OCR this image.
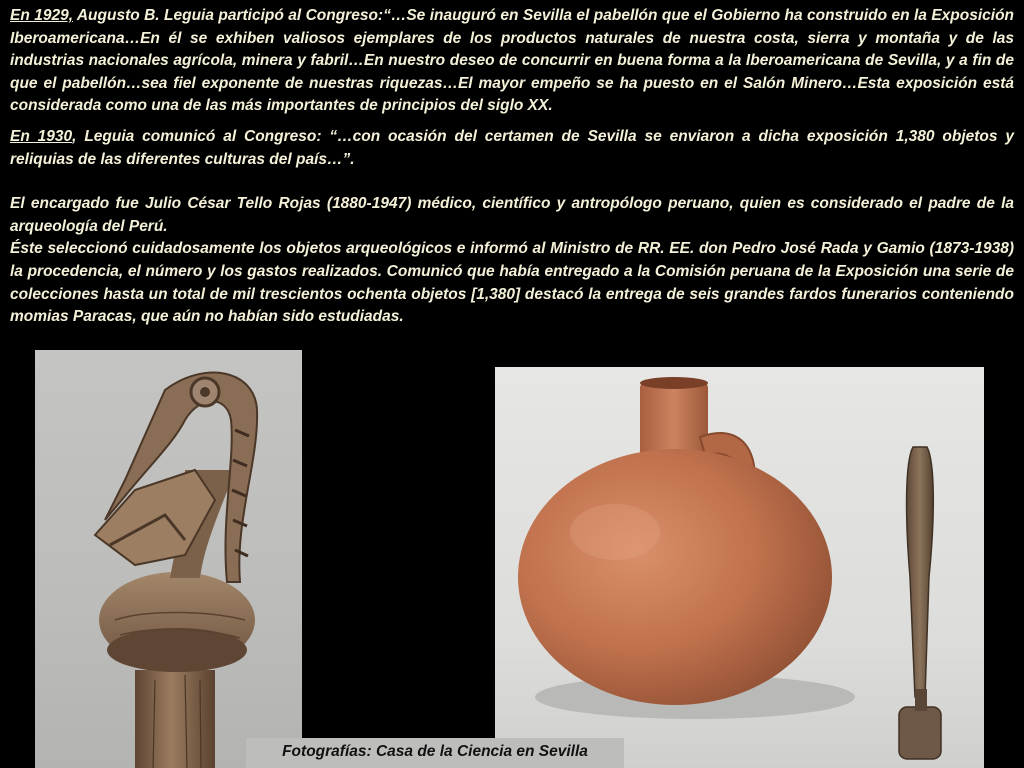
En 1929, Augusto B. Leguia participó al Congreso:“…Se inauguró en Sevilla el pabellón que el Gobierno ha construido en la Exposición Iberoamericana…En él se exhiben valiosos ejemplares de los productos naturales de nuestra costa, sierra y montaña y de las industrias nacionales agrícola, minera y fabril…En nuestro deseo de concurrir en buena forma a la Iberoamericana de Sevilla, y a fin de que el pabellón…sea fiel exponente de nuestras riquezas…El mayor empeño se ha puesto en el Salón Minero…Esta exposición está considerada como una de las más importantes de principios del siglo XX.

En 1930, Leguia comunicó al Congreso: “…con ocasión del certamen de Sevilla se enviaron a dicha exposición 1,380 objetos y reliquias de las diferentes culturas del país…”.

El encargado fue Julio César Tello Rojas (1880-1947) médico, científico y antropólogo peruano, quien es considerado el padre de la arqueología del Perú.

Éste seleccionó cuidadosamente los objetos arqueológicos e informó al Ministro de RR. EE. don Pedro José Rada y Gamio (1873-1938) la procedencia, el número y los gastos realizados. Comunicó que había entregado a la Comisión peruana de la Exposición una serie de colecciones hasta un total de mil trescientos ochenta objetos [1,380] destacó la entrega de seis grandes fardos funerarios conteniendo momias Paracas, que aún no habían sido estudiadas.

Fotografías: Casa de la Ciencia en Sevilla
